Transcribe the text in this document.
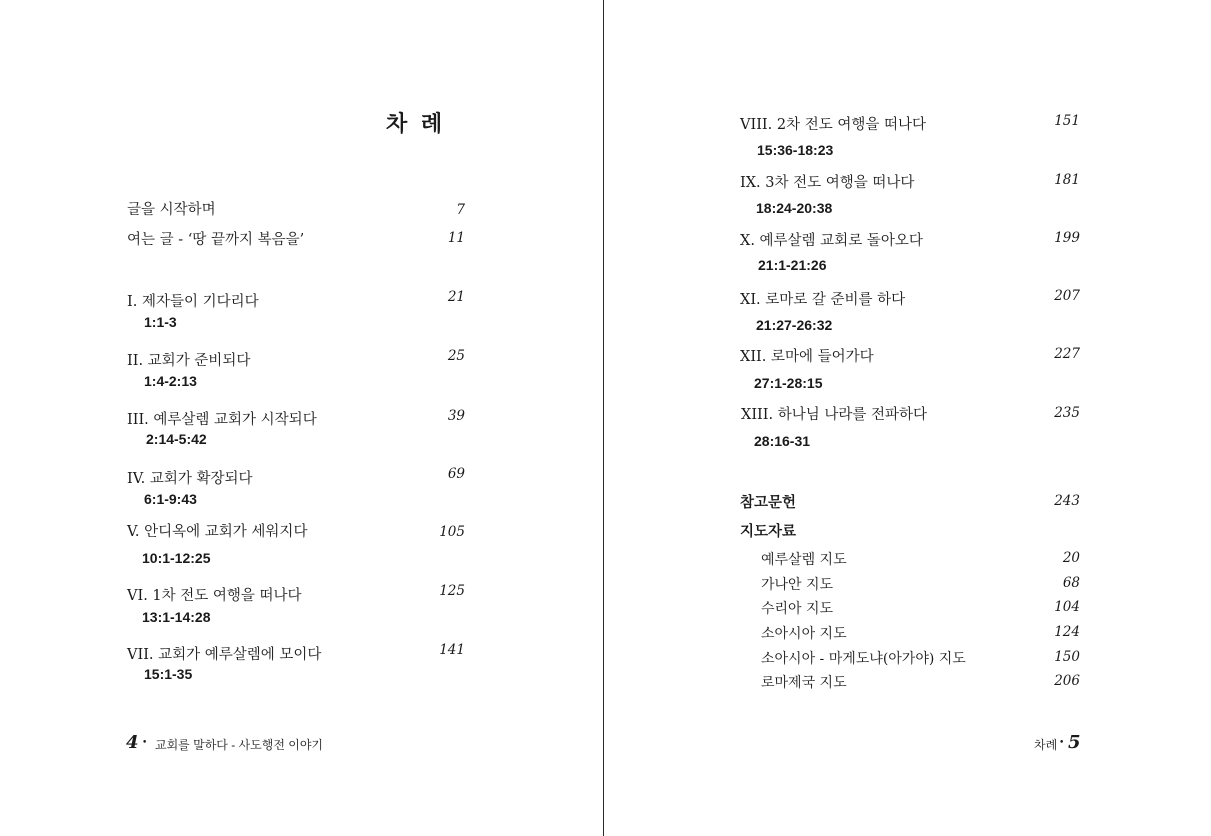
차 례
글을 시작하며	7
여는 글 - ‘땅 끝까지 복음을’	11
I. 제자들이 기다리다	21
1:1-3
II. 교회가 준비되다	25
1:4-2:13
III. 예루살렘 교회가 시작되다	39
2:14-5:42
IV. 교회가 확장되다	69
6:1-9:43
V. 안디옥에 교회가 세워지다	105
10:1-12:25
VI. 1차 전도 여행을 떠나다	125
13:1-14:28
VII. 교회가 예루살렘에 모이다	141
15:1-35
4 • 교회를 말하다 - 사도행전 이야기
VIII. 2차 전도 여행을 떠나다	151
15:36-18:23
IX. 3차 전도 여행을 떠나다	181
18:24-20:38
X. 예루살렘 교회로 돌아오다	199
21:1-21:26
XI. 로마로 갈 준비를 하다	207
21:27-26:32
XII. 로마에 들어가다	227
27:1-28:15
XIII. 하나님 나라를 전파하다	235
28:16-31
참고문헌	243
지도자료
예루살렘 지도	20
가나안 지도	68
수리아 지도	104
소아시아 지도	124
소아시아 - 마게도냐(아가야) 지도	150
로마제국 지도	206
차례 • 5
